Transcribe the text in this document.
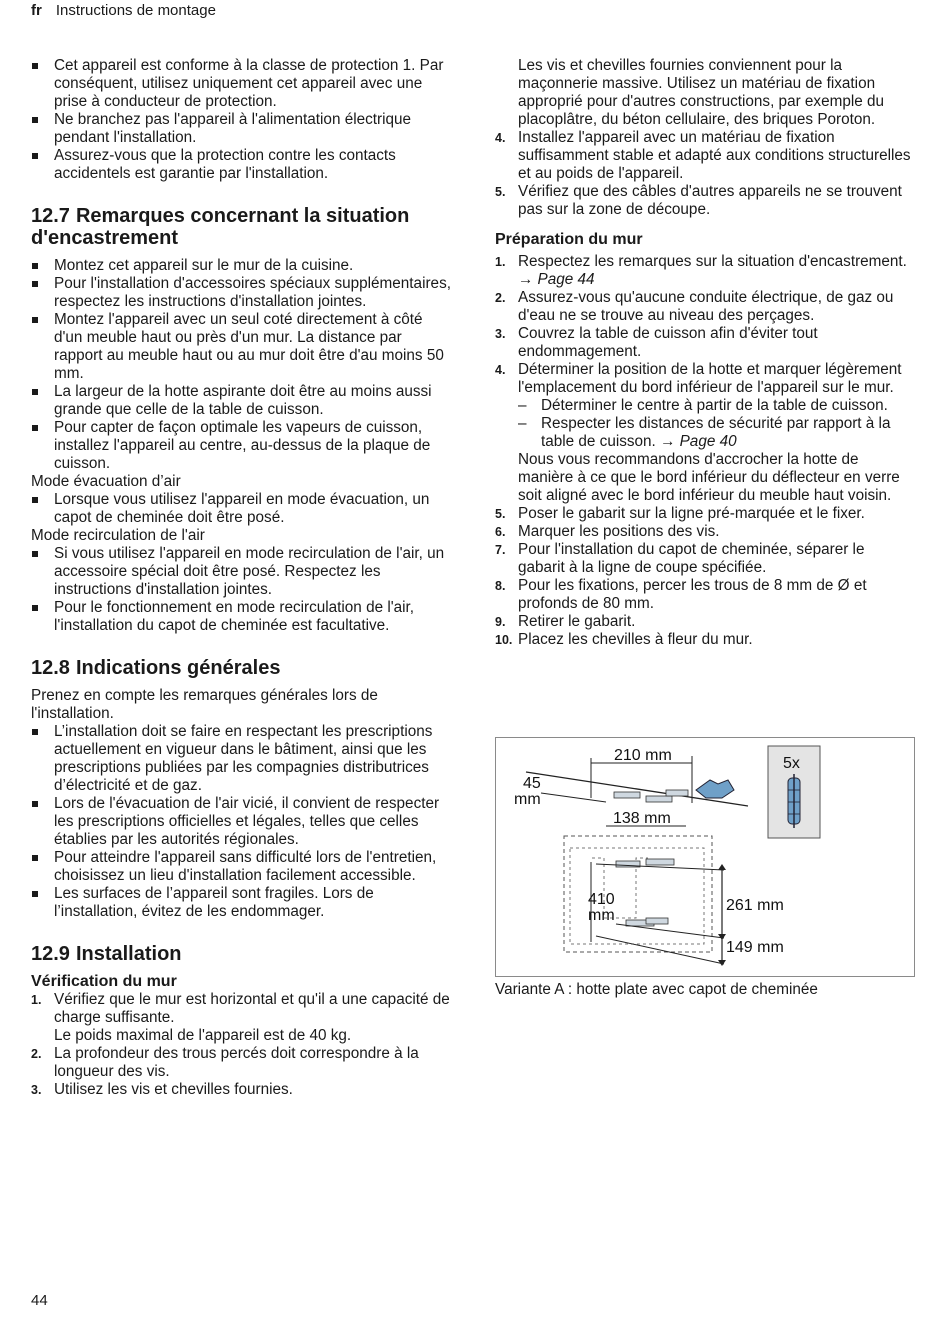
fr Instructions de montage
Cet appareil est conforme à la classe de protection 1. Par conséquent, utilisez uniquement cet appareil avec une prise à conducteur de protection.
Ne branchez pas l'appareil à l'alimentation électrique pendant l'installation.
Assurez-vous que la protection contre les contacts accidentels est garantie par l'installation.
12.7 Remarques concernant la situation d'encastrement
Montez cet appareil sur le mur de la cuisine.
Pour l'installation d'accessoires spéciaux supplémentaires, respectez les instructions d'installation jointes.
Montez l'appareil avec un seul coté directement à côté d'un meuble haut ou près d'un mur. La distance par rapport au meuble haut ou au mur doit être d'au moins 50 mm.
La largeur de la hotte aspirante doit être au moins aussi grande que celle de la table de cuisson.
Pour capter de façon optimale les vapeurs de cuisson, installez l'appareil au centre, au-dessus de la plaque de cuisson.

Mode évacuation d’air

Lorsque vous utilisez l'appareil en mode évacuation, un capot de cheminée doit être posé.

Mode recirculation de l'air

Si vous utilisez l'appareil en mode recirculation de l'air, un accessoire spécial doit être posé. Respectez les instructions d'installation jointes.
Pour le fonctionnement en mode recirculation de l'air, l'installation du capot de cheminée est facultative.
12.8 Indications générales

Prenez en compte les remarques générales lors de l'installation.

L’installation doit se faire en respectant les prescriptions actuellement en vigueur dans le bâtiment, ainsi que les prescriptions publiées par les compagnies distributrices d’électricité et de gaz.
Lors de l'évacuation de l'air vicié, il convient de respecter les prescriptions officielles et légales, telles que celles établies par les autorités régionales.
Pour atteindre l'appareil sans difficulté lors de l'entretien, choisissez un lieu d'installation facilement accessible.
Les surfaces de l’appareil sont fragiles. Lors de l’installation, évitez de les endommager.
12.9 Installation
Vérification du mur
1. Vérifiez que le mur est horizontal et qu'il a une capacité de charge suffisante.
Le poids maximal de l'appareil est de 40 kg.
2. La profondeur des trous percés doit correspondre à la longueur des vis.
3. Utilisez les vis et chevilles fournies.

Les vis et chevilles fournies conviennent pour la maçonnerie massive. Utilisez un matériau de fixation approprié pour d'autres constructions, par exemple du placoplâtre, du béton cellulaire, des briques Poroton.

4. Installez l'appareil avec un matériau de fixation suffisamment stable et adapté aux conditions structurelles et au poids de l'appareil.
5. Vérifiez que des câbles d'autres appareils ne se trouvent pas sur la zone de découpe.
Préparation du mur
1. Respectez les remarques sur la situation d'encastrement. → Page 44
2. Assurez-vous qu'aucune conduite électrique, de gaz ou d'eau ne se trouve au niveau des perçages.
3. Couvrez la table de cuisson afin d'éviter tout endommagement.
4. Déterminer la position de la hotte et marquer légèrement l'emplacement du bord inférieur de l'appareil sur le mur.
– Déterminer le centre à partir de la table de cuisson.
– Respecter les distances de sécurité par rapport à la table de cuisson. → Page 40
Nous vous recommandons d'accrocher la hotte de manière à ce que le bord inférieur du déflecteur en verre soit aligné avec le bord inférieur du meuble haut voisin.
5. Poser le gabarit sur la ligne pré-marquée et le fixer.
6. Marquer les positions des vis.
7. Pour l'installation du capot de cheminée, séparer le gabarit à la ligne de coupe spécifiée.
8. Pour les fixations, percer les trous de 8 mm de Ø et profonds de 80 mm.
9. Retirer le gabarit.
10. Placez les chevilles à fleur du mur.
210 mm
45
mm
138 mm
410
mm
261 mm
149 mm
5x
Variante A : hotte plate avec capot de cheminée
44
